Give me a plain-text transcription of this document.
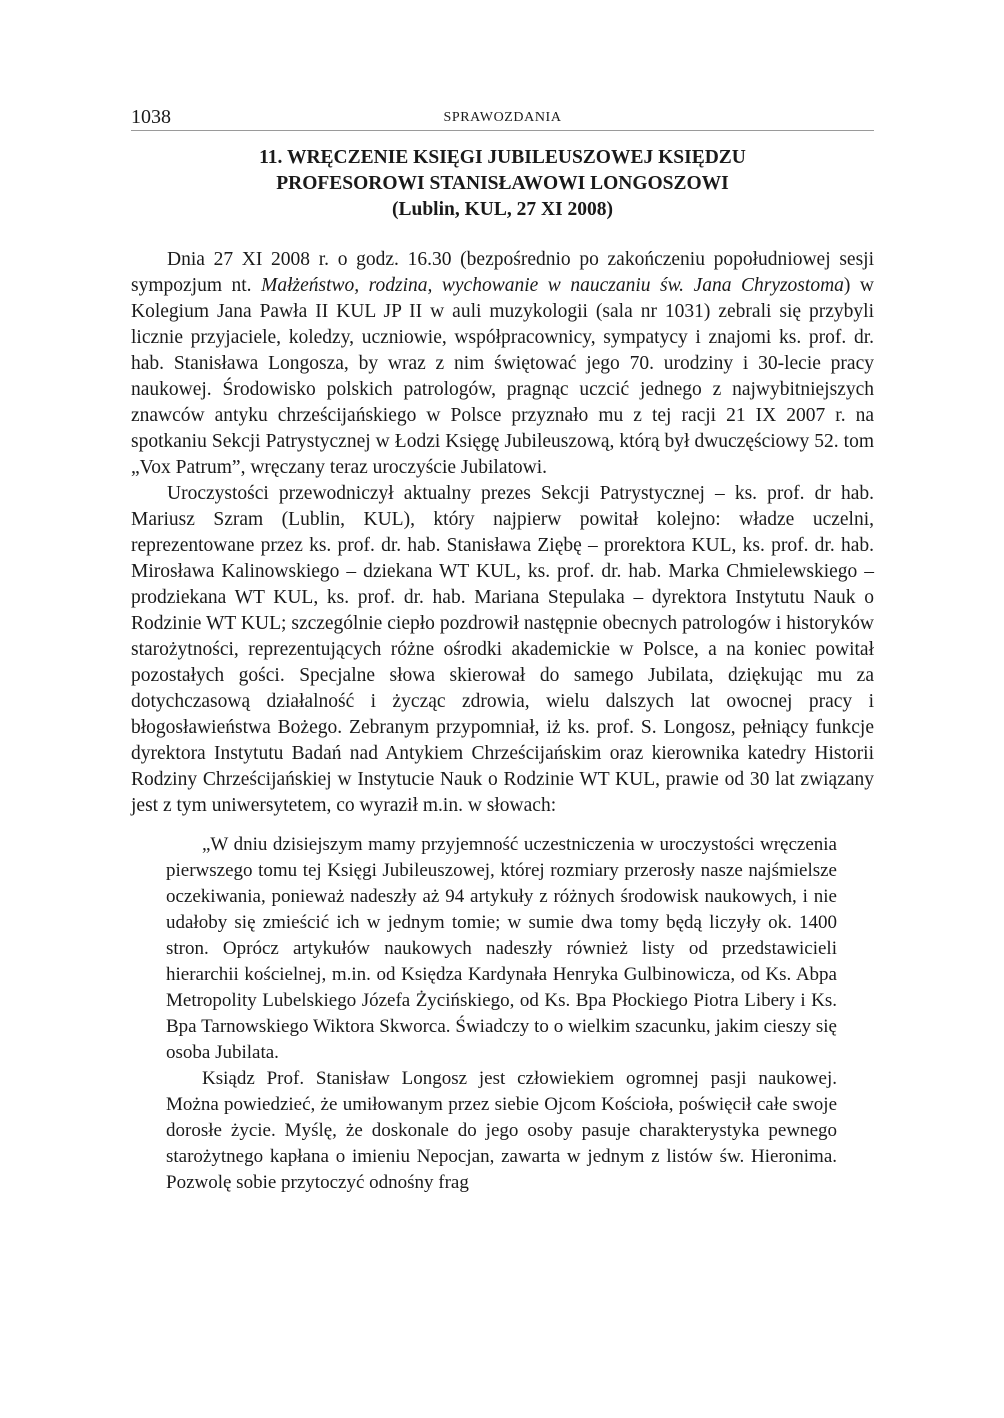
1038	SPRAWOZDANIA
11. WRĘCZENIE KSIĘGI JUBILEUSZOWEJ KSIĘDZU
PROFESOROWI STANISŁAWOWI LONGOSZOWI
(Lublin, KUL, 27 XI 2008)

Dnia 27 XI 2008 r. o godz. 16.30 (bezpośrednio po zakończeniu popołudniowej sesji sympozjum nt. Małżeństwo, rodzina, wychowanie w nauczaniu św. Jana Chryzostoma) w Kolegium Jana Pawła II KUL JP II w auli muzykologii (sala nr 1031) zebrali się przybyli licznie przyjaciele, koledzy, uczniowie, współpracownicy, sympatycy i znajomi ks. prof. dr. hab. Stanisława Longosza, by wraz z nim świętować jego 70. urodziny i 30-lecie pracy naukowej. Środowisko polskich patrologów, pragnąc uczcić jednego z najwybitniejszych znawców antyku chrześcijańskiego w Polsce przyznało mu z tej racji 21 IX 2007 r. na spotkaniu Sekcji Patrystycznej w Łodzi Księgę Jubileuszową, którą był dwuczęściowy 52. tom „Vox Patrum”, wręczany teraz uroczyście Jubilatowi.

Uroczystości przewodniczył aktualny prezes Sekcji Patrystycznej – ks. prof. dr hab. Mariusz Szram (Lublin, KUL), który najpierw powitał kolejno: władze uczelni, reprezentowane przez ks. prof. dr. hab. Stanisława Ziębę – prorektora KUL, ks. prof. dr. hab. Mirosława Kalinowskiego – dziekana WT KUL, ks. prof. dr. hab. Marka Chmielewskiego – prodziekana WT KUL, ks. prof. dr. hab. Mariana Stepulaka – dyrektora Instytutu Nauk o Rodzinie WT KUL; szczególnie ciepło pozdrowił następnie obecnych patrologów i historyków starożytności, reprezentujących różne ośrodki akademickie w Polsce, a na koniec powitał pozostałych gości. Specjalne słowa skierował do samego Jubilata, dziękując mu za dotychczasową działalność i życząc zdrowia, wielu dalszych lat owocnej pracy i błogosławieństwa Bożego. Zebranym przypomniał, iż ks. prof. S. Longosz, pełniący funkcje dyrektora Instytutu Badań nad Antykiem Chrześcijańskim oraz kierownika katedry Historii Rodziny Chrześcijańskiej w Instytucie Nauk o Rodzinie WT KUL, prawie od 30 lat związany jest z tym uniwersytetem, co wyraził m.in. w słowach:

„W dniu dzisiejszym mamy przyjemność uczestniczenia w uroczystości wręczenia pierwszego tomu tej Księgi Jubileuszowej, której rozmiary przerosły nasze najśmielsze oczekiwania, ponieważ nadeszły aż 94 artykuły z różnych środowisk naukowych, i nie udałoby się zmieścić ich w jednym tomie; w sumie dwa tomy będą liczyły ok. 1400 stron. Oprócz artykułów naukowych nadeszły również listy od przedstawicieli hierarchii kościelnej, m.in. od Księdza Kardynała Henryka Gulbinowicza, od Ks. Abpa Metropolity Lubelskiego Józefa Życińskiego, od Ks. Bpa Płockiego Piotra Libery i Ks. Bpa Tarnowskiego Wiktora Skworca. Świadczy to o wielkim szacunku, jakim cieszy się osoba Jubilata.

Ksiądz Prof. Stanisław Longosz jest człowiekiem ogromnej pasji naukowej. Można powiedzieć, że umiłowanym przez siebie Ojcom Kościoła, poświęcił całe swoje dorosłe życie. Myślę, że doskonale do jego osoby pasuje charakterystyka pewnego starożytnego kapłana o imieniu Nepocjan, zawarta w jednym z listów św. Hieronima. Pozwolę sobie przytoczyć odnośny frag
